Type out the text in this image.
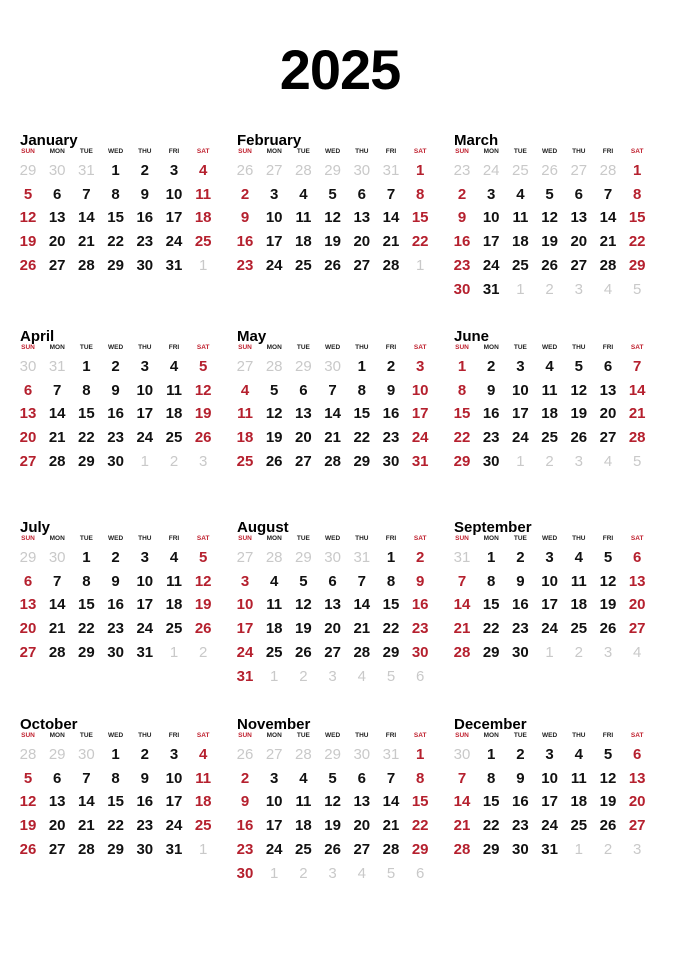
2025
January
SUN	MON	TUE	WED	THU	FRI	SAT
29 30 31	1	2	3	4
5	6	7	8	9	10 11
12 13 14 15 16 17 18
19 20 21 22 23 24 25
26 27 28 29 30 31	1
February
SUN	MON	TUE	WED	THU	FRI	SAT
26 27 28 29 30 31	1
2	3	4	5	6	7	8
9	10 11 12 13 14 15
16 17 18 19 20 21 22
23 24 25 26 27 28	1
March
SUN	MON	TUE	WED	THU	FRI	SAT
23 24 25 26 27 28	1
2	3	4	5	6	7	8
9	10 11 12 13 14 15
16 17 18 19 20 21 22
23 24 25 26 27 28 29
30 31	1	2	3	4	5
April
SUN	MON	TUE	WED	THU	FRI	SAT
30 31	1	2	3	4	5
6	7	8	9	10 11 12
13 14 15 16 17 18 19
20 21 22 23 24 25 26
27 28 29 30	1	2	3
May
SUN	MON	TUE	WED	THU	FRI	SAT
27 28 29 30	1	2	3
4	5	6	7	8	9	10
11 12 13 14 15 16 17
18 19 20 21 22 23 24
25 26 27 28 29 30 31
June
SUN	MON	TUE	WED	THU	FRI	SAT
1	2	3	4	5	6	7
8	9	10 11 12 13 14
15 16 17 18 19 20 21
22 23 24 25 26 27 28
29 30	1	2	3	4	5
July
SUN	MON	TUE	WED	THU	FRI	SAT
29 30	1	2	3	4	5
6	7	8	9	10 11 12
13 14 15 16 17 18 19
20 21 22 23 24 25 26
27 28 29 30 31	1	2
August
SUN	MON	TUE	WED	THU	FRI	SAT
27 28 29 30 31	1	2
3	4	5	6	7	8	9
10 11 12 13 14 15 16
17 18 19 20 21 22 23
24 25 26 27 28 29 30
31	1	2	3	4	5	6
September
SUN	MON	TUE	WED	THU	FRI	SAT
31	1	2	3	4	5	6
7	8	9	10 11 12 13
14 15 16 17 18 19 20
21 22 23 24 25 26 27
28 29 30	1	2	3	4
October
SUN	MON	TUE	WED	THU	FRI	SAT
28 29 30	1	2	3	4
5	6	7	8	9	10 11
12 13 14 15 16 17 18
19 20 21 22 23 24 25
26 27 28 29 30 31	1
November
SUN	MON	TUE	WED	THU	FRI	SAT
26 27 28 29 30 31	1
2	3	4	5	6	7	8
9	10 11 12 13 14 15
16 17 18 19 20 21 22
23 24 25 26 27 28 29
30	1	2	3	4	5	6
December
SUN	MON	TUE	WED	THU	FRI	SAT
30	1	2	3	4	5	6
7	8	9	10 11 12 13
14 15 16 17 18 19 20
21 22 23 24 25 26 27
28 29 30 31	1	2	3
